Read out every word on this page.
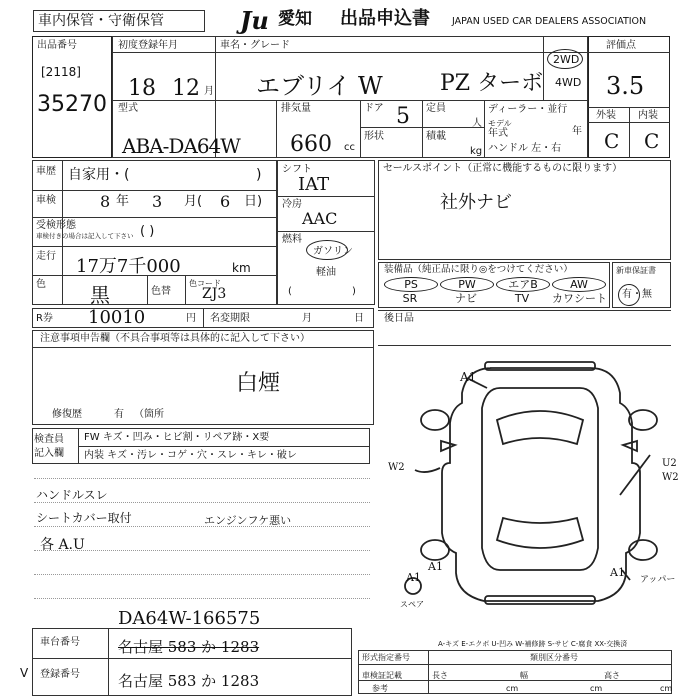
車内保管・守衛保管	Ju 愛知 出品申込書 JAPAN USED CAR DEALERS ASSOCIATION
出品番号
[2118]
35270
初度登録年月
18 12 月
車名・グレード
エブリイ W	PZ ターボ
2WD
4WD
型式
ABA-DA64W
排気量
660 cc
ドア 5
形状
定員
人
積載
kg
ディーラー・並行
モデル
年式	年
ハンドル 左・右
評価点
3.5
外装 内装
C C
車歴 自家用・(	)
車検	8 年 3 月( 6 日)
受検形態
車検付きの場合は記入して下さい ( )
走行 17万7千000	km
色 黒	色替
色コード
ZJ3
シフト
IAT
冷房
AAC
燃料
ガソリン
軽油
(	)
セールスポイント（正常に機能するものに限ります）
社外ナビ
装備品（純正品に限り◎をつけてください）
PS	PW	エアB	AW
SR	ナビ	TV	カワシート
新車保証書
有・無
R券 10010	円 名変期限	月	日
注意事項申告欄（不具合事項等は具体的に記入して下さい）
白煙
修復歴	有 （箇所
後日品
検査員
記入欄
FW キズ・凹み・ヒビ割・リペア跡・X要
内装 キズ・汚レ・コゲ・穴・スレ・キレ・破レ
ハンドルスレ
シートカバー取付	エンジンフケ悪い
各 A.U
A1
W2	U2
W2
A1
A1
スペア
A1
アッパー
A-キズ E-エクボ U-凹み W-補修跡 S-サビ C-腐食 XX-交換済
DA64W-166575
車台番号	名古屋 583 か 1283
V 登録番号	名古屋 583 か 1283
形式指定番号	類別区分番号
車検証記載	長さ	幅	高さ
参考	cm	cm	cm
